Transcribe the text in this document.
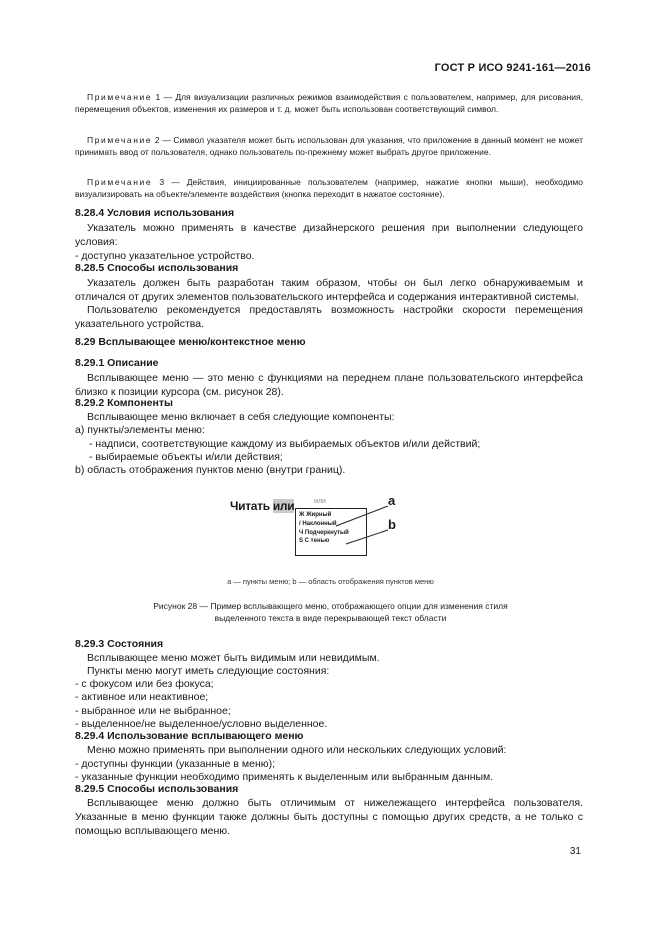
ГОСТ Р ИСО 9241-161—2016
Примечание 1 — Для визуализации различных режимов взаимодействия с пользователем, например, для рисования, перемещения объектов, изменения их размеров и т. д. может быть использован соответствующий символ.
Примечание 2 — Символ указателя может быть использован для указания, что приложение в данный момент не может принимать ввод от пользователя, однако пользователь по-прежнему может выбрать другое приложение.
Примечание 3 — Действия, инициированные пользователем (например, нажатие кнопки мыши), необходимо визуализировать на объекте/элементе воздействия (кнопка переходит в нажатое состояние).
8.28.4 Условия использования
Указатель можно применять в качестве дизайнерского решения при выполнении следующего условия:
- доступно указательное устройство.
8.28.5 Способы использования
Указатель должен быть разработан таким образом, чтобы он был легко обнаруживаемым и отличался от других элементов пользовательского интерфейса и содержания интерактивной системы.
Пользователю рекомендуется предоставлять возможность настройки скорости перемещения указательного устройства.
8.29 Всплывающее меню/контекстное меню
8.29.1 Описание
Всплывающее меню — это меню с функциями на переднем плане пользовательского интерфейса близко к позиции курсора (см. рисунок 28).
8.29.2 Компоненты
Всплывающее меню включает в себя следующие компоненты:
а) пункты/элементы меню:
- надписи, соответствующие каждому из выбираемых объектов и/или действий;
- выбираемые объекты и/или действия;
b) область отображения пунктов меню (внутри границ).
Читать или	или
Ж Жирный
/ Наклонный
Ч Подчеркнутый
S С тенью
a
b
a — пункты меню; b — область отображения пунктов меню
Рисунок 28 — Пример всплывающего меню, отображающего опции для изменения стиля
выделенного текста в виде перекрывающей текст области
8.29.3 Состояния
Всплывающее меню может быть видимым или невидимым.
Пункты меню могут иметь следующие состояния:
- с фокусом или без фокуса;
- активное или неактивное;
- выбранное или не выбранное;
- выделенное/не выделенное/условно выделенное.
8.29.4 Использование всплывающего меню
Меню можно применять при выполнении одного или нескольких следующих условий:
- доступны функции (указанные в меню);
- указанные функции необходимо применять к выделенным или выбранным данным.
8.29.5 Способы использования
Всплывающее меню должно быть отличимым от нижележащего интерфейса пользователя. Указанные в меню функции также должны быть доступны с помощью других средств, а не только с помощью всплывающего меню.
31
